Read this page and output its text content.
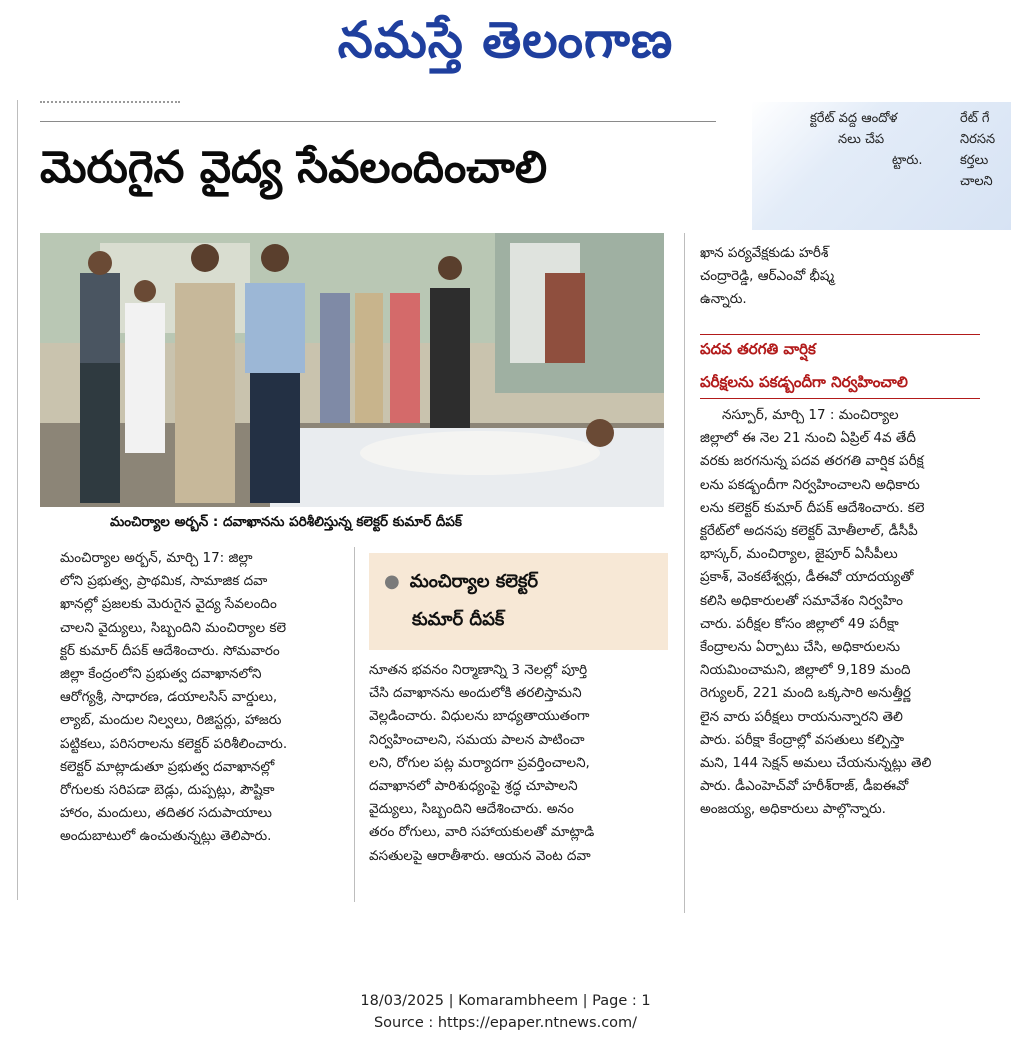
నమస్తే తెలంగాణ
మెరుగైన వైద్య సేవలందించాలి
క్టరేట్ వద్ద ఆందోళ
నలు చేప
ట్టారు.
రేట్ గే
నిరసన
కర్తలు
చాలని
మంచిర్యాల అర్బన్ : దవాఖానను పరిశీలిస్తున్న కలెక్టర్ కుమార్ దీపక్

మంచిర్యాల అర్బన్, మార్చి 17: జిల్లా

లోని ప్రభుత్వ, ప్రాథమిక, సామాజిక దవా

ఖానల్లో ప్రజలకు మెరుగైన వైద్య సేవలందిం

చాలని వైద్యులు, సిబ్బందిని మంచిర్యాల కలె

క్టర్ కుమార్ దీపక్ ఆదేశించారు. సోమవారం

జిల్లా కేంద్రంలోని ప్రభుత్వ దవాఖానలోని

ఆరోగ్యశ్రీ, సాధారణ, డయాలసిస్ వార్డులు,

ల్యాబ్, మందుల నిల్వలు, రిజిస్టర్లు, హాజరు

పట్టికలు, పరిసరాలను కలెక్టర్ పరిశీలించారు.

కలెక్టర్ మాట్లాడుతూ ప్రభుత్వ దవాఖానల్లో

రోగులకు సరిపడా బెడ్లు, దుప్పట్లు, పౌష్టికా

హారం, మందులు, తదితర సదుపాయాలు

అందుబాటులో ఉంచుతున్నట్లు తెలిపారు.

● మంచిర్యాల కలెక్టర్
కుమార్ దీపక్

నూతన భవనం నిర్మాణాన్ని 3 నెలల్లో పూర్తి

చేసి దవాఖానను అందులోకి తరలిస్తామని

వెల్లడించారు. విధులను బాధ్యతాయుతంగా

నిర్వహించాలని, సమయ పాలన పాటించా

లని, రోగుల పట్ల మర్యాదగా ప్రవర్తించాలని,

దవాఖానలో పారిశుధ్యంపై శ్రద్ధ చూపాలని

వైద్యులు, సిబ్బందిని ఆదేశించారు. అనం

తరం రోగులు, వారి సహాయకులతో మాట్లాడి

వసతులపై ఆరాతీశారు. ఆయన వెంట దవా

ఖాన పర్యవేక్షకుడు హరీశ్

చంద్రారెడ్డి, ఆర్ఎంవో భీష్మ

ఉన్నారు.

పదవ తరగతి వార్షిక
పరీక్షలను పకడ్బందీగా నిర్వహించాలి

నస్పూర్, మార్చి 17 : మంచిర్యాల

జిల్లాలో ఈ నెల 21 నుంచి ఏప్రిల్ 4వ తేదీ

వరకు జరగనున్న పదవ తరగతి వార్షిక పరీక్ష

లను పకడ్బందీగా నిర్వహించాలని అధికారు

లను కలెక్టర్ కుమార్ దీపక్ ఆదేశించారు. కలె

క్టరేట్‌లో అదనపు కలెక్టర్ మోతీలాల్, డీసీపీ

భాస్కర్, మంచిర్యాల, జైపూర్ ఏసీపీలు

ప్రకాశ్, వెంకటేశ్వర్లు, డీఈవో యాదయ్యతో

కలిసి అధికారులతో సమావేశం నిర్వహిం

చారు. పరీక్షల కోసం జిల్లాలో 49 పరీక్షా

కేంద్రాలను ఏర్పాటు చేసి, అధికారులను

నియమించామని, జిల్లాలో 9,189 మంది

రెగ్యులర్, 221 మంది ఒక్కసారి అనుత్తీర్ణ

లైన వారు పరీక్షలు రాయనున్నారని తెలి

పారు. పరీక్షా కేంద్రాల్లో వసతులు కల్పిస్తా

మని, 144 సెక్షన్ అమలు చేయనున్నట్లు తెలి

పారు. డీఎంహెచ్‌వో హరీశ్‌రాజ్, డీఐఈవో

అంజయ్య, అధికారులు పాల్గొన్నారు.

18/03/2025 | Komarambheem | Page : 1
Source : https://epaper.ntnews.com/
